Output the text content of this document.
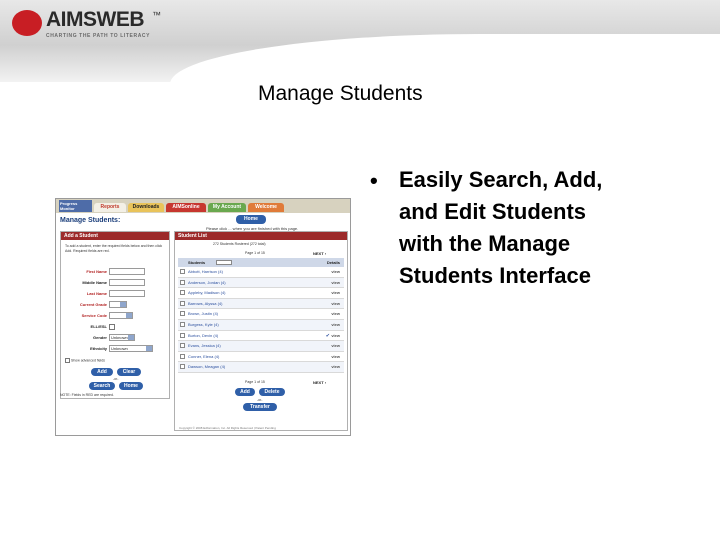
AIMSWEB ™
CHARTING THE PATH TO LITERACY
Manage Students
• Easily Search, Add,
and Edit Students
with the Manage
Students Interface
Progress Monitor	Reports	Downloads	AIMSonline	My Account	Welcome
Manage Students:	Home
Please click ... when you are finished with this page.
Add a Student
To add a student, enter the required fields below and then click Add. Required fields are red.
First Name
Middle Name
Last Name
Current Grade
Service Code
ELL/ESL
Gender	Unknown
Ethnicity	Unknown
Show advanced fields
Add	Clear
-or-
Search	Home
NOTE: Fields in RED are required.
Student List
272 Students Rostered (272 total)
Page 1 of 15	NEXT ›
Students	Details
Abbott, Harrison (4)	view
Anderson, Jordan (4)	view
Appleby, Madison (4)	view
Barrows, Alyssa (4)	view
Brown, Justin (4)	view
Burgess, Kyle (4)	view
Burton, Devin (4)	✔ view
Evans, Jessica (4)	view
Conner, Elena (4)	view
Dawson, Meagan (4)	view
Page 1 of 15	NEXT ›
Add	Delete
-or-
Transfer
Copyright © 2008 Edformation, Inc. All Rights Reserved | Patent Pending
